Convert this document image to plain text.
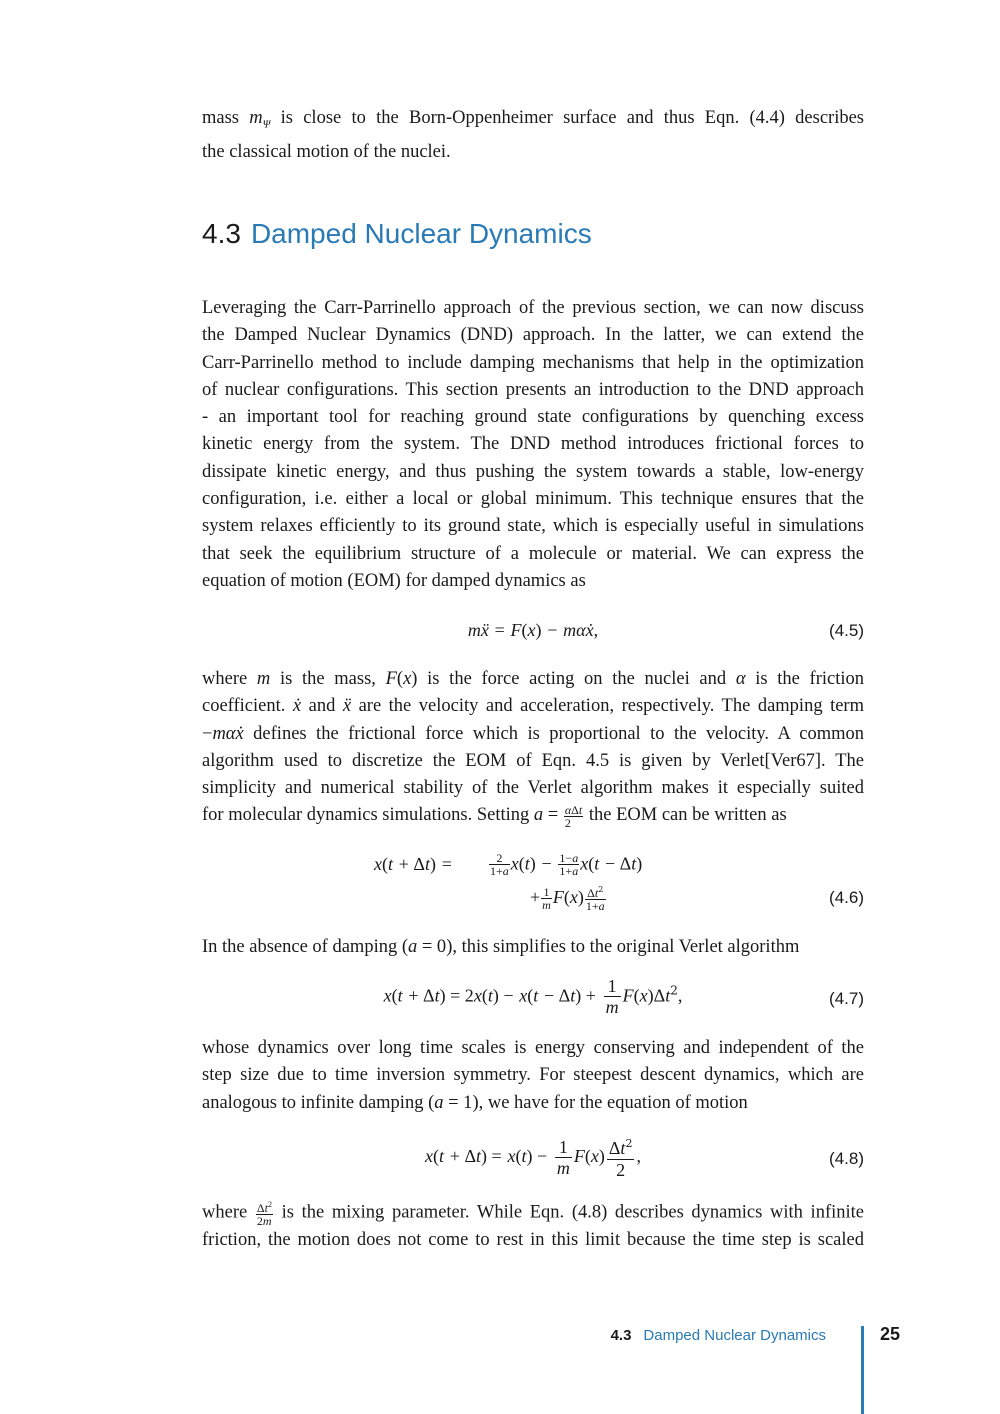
mass $m_\Psi$ is close to the Born-Oppenheimer surface and thus Eqn. (4.4) describes
the classical motion of the nuclei.

4.3 Damped Nuclear Dynamics

Leveraging the Carr-Parrinello approach of the previous section, we can now discuss
the Damped Nuclear Dynamics (DND) approach. In the latter, we can extend the
Carr-Parrinello method to include damping mechanisms that help in the optimization
of nuclear configurations. This section presents an introduction to the DND approach
- an important tool for reaching ground state configurations by quenching excess
kinetic energy from the system. The DND method introduces frictional forces to
dissipate kinetic energy, and thus pushing the system towards a stable, low-energy
configuration, i.e. either a local or global minimum. This technique ensures that the
system relaxes efficiently to its ground state, which is especially useful in simulations
that seek the equilibrium structure of a molecule or material. We can express the
equation of motion (EOM) for damped dynamics as

mẍ = F(x) − mαẋ,	(4.5)

where m is the mass, F(x) is the force acting on the nuclei and α is the friction
coefficient. ẋ and ẍ are the velocity and acceleration, respectively. The damping term
−mαẋ defines the frictional force which is proportional to the velocity. A common
algorithm used to discretize the EOM of Eqn. 4.5 is given by Verlet[Ver67]. The
simplicity and numerical stability of the Verlet algorithm makes it especially suited
for molecular dynamics simulations. Setting $a = \frac{\text{αΔt}}{2}$ the EOM can be written as

x(t + Δt) =	$\frac{2}{1+a} x(t) - \frac{1-a}{1+a} x(t - \Delta t)$
+ $\frac{1}{m} F(x) \frac{\Delta t^2}{1+a}$	(4.6)

In the absence of damping (a = 0), this simplifies to the original Verlet algorithm

$x(t + \Delta t) = 2x(t) - x(t - \Delta t) + \frac{1}{m} F(x)\Delta t^2$,	(4.7)

whose dynamics over long time scales is energy conserving and independent of the
step size due to time inversion symmetry. For steepest descent dynamics, which are
analogous to infinite damping (a = 1), we have for the equation of motion

$x(t + \Delta t) = x(t) - \frac{1}{m} F(x) \frac{\Delta t^2}{2}$ ,	(4.8)

where $\frac{\Delta t^2}{2m}$ is the mixing parameter. While Eqn. (4.8) describes dynamics with infinite
friction, the motion does not come to rest in this limit because the time step is scaled

4.3 Damped Nuclear Dynamics	25
